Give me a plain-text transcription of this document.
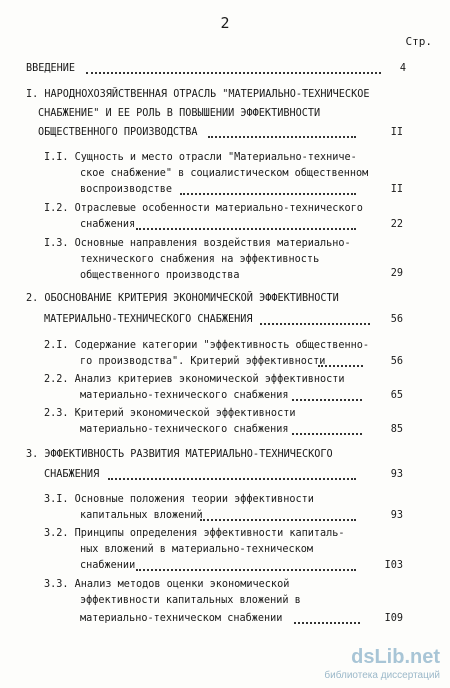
2
Стр.
ВВЕДЕНИЕ	4
I. НАРОДНОХОЗЯЙСТВЕННАЯ ОТРАСЛЬ "МАТЕРИАЛЬНО-ТЕХНИЧЕСКОЕ
СНАБЖЕНИЕ" И ЕЕ РОЛЬ В ПОВЫШЕНИИ ЭФФЕКТИВНОСТИ
ОБЩЕСТВЕННОГО ПРОИЗВОДСТВА	II
I.I. Сущность и место отрасли "Материально-техниче-
ское снабжение" в социалистическом общественном
воспроизводстве	II
I.2. Отраслевые особенности материально-технического
снабжения	22
I.3. Основные направления воздействия материально-
технического снабжения на эффективность
общественного производства	29
2. ОБОСНОВАНИЕ КРИТЕРИЯ ЭКОНОМИЧЕСКОЙ ЭФФЕКТИВНОСТИ
МАТЕРИАЛЬНО-ТЕХНИЧЕСКОГО СНАБЖЕНИЯ	56
2.I. Содержание категории "эффективность общественно-
го производства". Критерий эффективности	56
2.2. Анализ критериев экономической эффективности
материально-технического снабжения	65
2.3. Критерий экономической эффективности
материально-технического снабжения	85
3. ЭФФЕКТИВНОСТЬ РАЗВИТИЯ МАТЕРИАЛЬНО-ТЕХНИЧЕСКОГО
СНАБЖЕНИЯ	93
3.I. Основные положения теории эффективности
капитальных вложений	93
3.2. Принципы определения эффективности капиталь-
ных вложений в материально-техническом
снабжении	I03
3.3. Анализ методов оценки экономической
эффективности капитальных вложений в
материально-техническом снабжении	I09
dsLib.net
библиотека диссертаций
